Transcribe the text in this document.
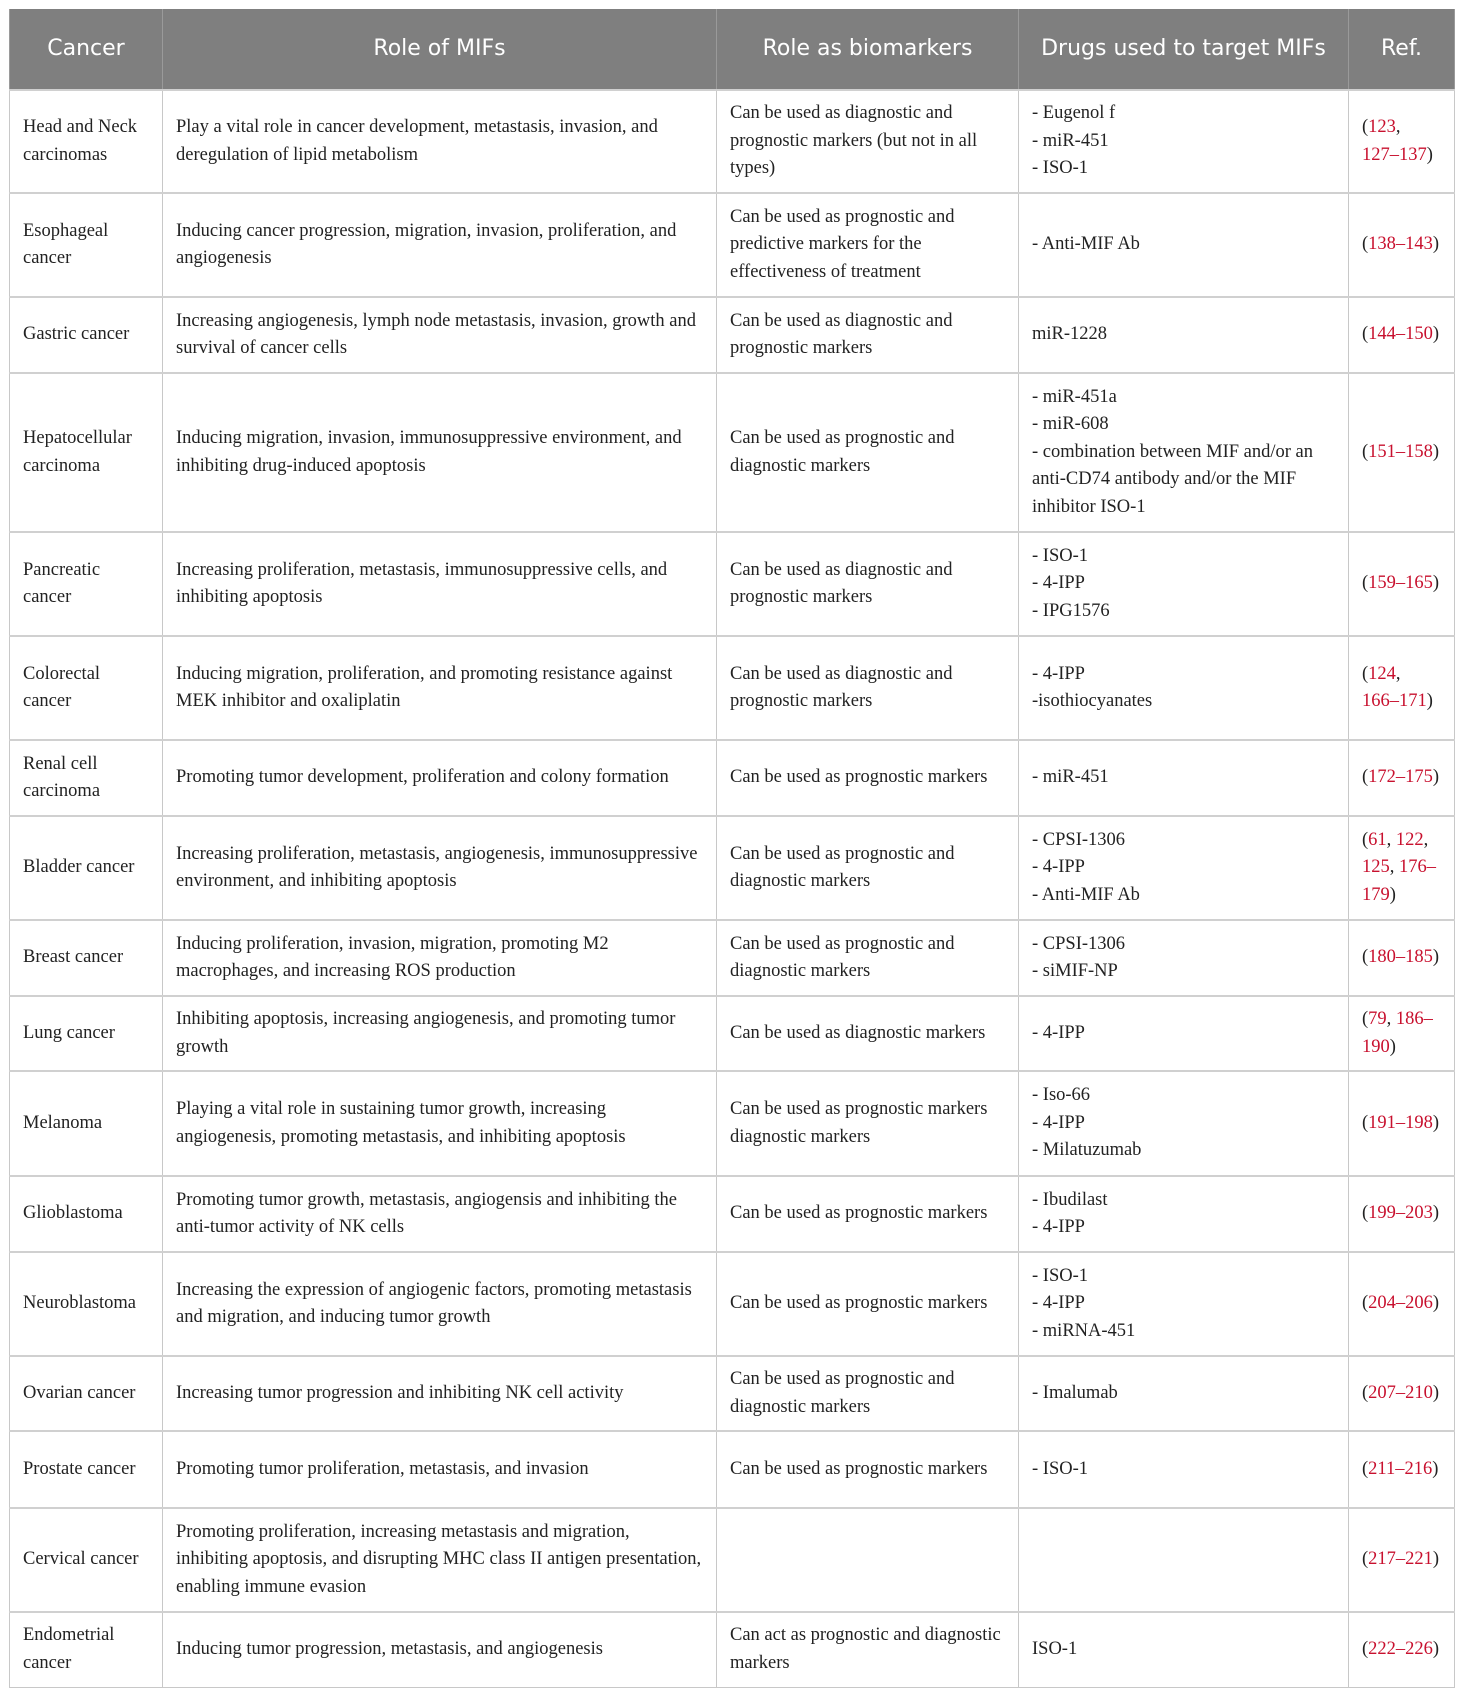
Cancer	Role of MIFs	Role as biomarkers	Drugs used to target MIFs	Ref.
Head and Neck carcinomas	Play a vital role in cancer development, metastasis, invasion, and deregulation of lipid metabolism	Can be used as diagnostic and prognostic markers (but not in all types)	- Eugenol f
- miR-451
- ISO-1	(123, 127–137)
Esophageal cancer	Inducing cancer progression, migration, invasion, proliferation, and angiogenesis	Can be used as prognostic and predictive markers for the effectiveness of treatment	- Anti-MIF Ab	(138–143)
Gastric cancer	Increasing angiogenesis, lymph node metastasis, invasion, growth and survival of cancer cells	Can be used as diagnostic and prognostic markers	miR-1228	(144–150)
Hepatocellular carcinoma	Inducing migration, invasion, immunosuppressive environment, and inhibiting drug-induced apoptosis	Can be used as prognostic and diagnostic markers	- miR-451a
- miR-608
- combination between MIF and/or an anti-CD74 antibody and/or the MIF inhibitor ISO-1	(151–158)
Pancreatic cancer	Increasing proliferation, metastasis, immunosuppressive cells, and inhibiting apoptosis	Can be used as diagnostic and prognostic markers	- ISO-1
- 4-IPP
- IPG1576	(159–165)
Colorectal cancer	Inducing migration, proliferation, and promoting resistance against MEK inhibitor and oxaliplatin	Can be used as diagnostic and prognostic markers	- 4-IPP
-isothiocyanates	(124, 166–171)
Renal cell carcinoma	Promoting tumor development, proliferation and colony formation	Can be used as prognostic markers	- miR-451	(172–175)
Bladder cancer	Increasing proliferation, metastasis, angiogenesis, immunosuppressive environment, and inhibiting apoptosis	Can be used as prognostic and diagnostic markers	- CPSI-1306
- 4-IPP
- Anti-MIF Ab	(61, 122, 125, 176–179)
Breast cancer	Inducing proliferation, invasion, migration, promoting M2 macrophages, and increasing ROS production	Can be used as prognostic and diagnostic markers	- CPSI-1306
- siMIF-NP	(180–185)
Lung cancer	Inhibiting apoptosis, increasing angiogenesis, and promoting tumor growth	Can be used as diagnostic markers	- 4-IPP	(79, 186–190)
Melanoma	Playing a vital role in sustaining tumor growth, increasing angiogenesis, promoting metastasis, and inhibiting apoptosis	Can be used as prognostic markers diagnostic markers	- Iso-66
- 4-IPP
- Milatuzumab	(191–198)
Glioblastoma	Promoting tumor growth, metastasis, angiogensis and inhibiting the anti-tumor activity of NK cells	Can be used as prognostic markers	- Ibudilast
- 4-IPP	(199–203)
Neuroblastoma	Increasing the expression of angiogenic factors, promoting metastasis and migration, and inducing tumor growth	Can be used as prognostic markers	- ISO-1
- 4-IPP
- miRNA-451	(204–206)
Ovarian cancer	Increasing tumor progression and inhibiting NK cell activity	Can be used as prognostic and diagnostic markers	- Imalumab	(207–210)
Prostate cancer	Promoting tumor proliferation, metastasis, and invasion	Can be used as prognostic markers	- ISO-1	(211–216)
Cervical cancer	Promoting proliferation, increasing metastasis and migration, inhibiting apoptosis, and disrupting MHC class II antigen presentation, enabling immune evasion			(217–221)
Endometrial cancer	Inducing tumor progression, metastasis, and angiogenesis	Can act as prognostic and diagnostic markers	ISO-1	(222–226)
